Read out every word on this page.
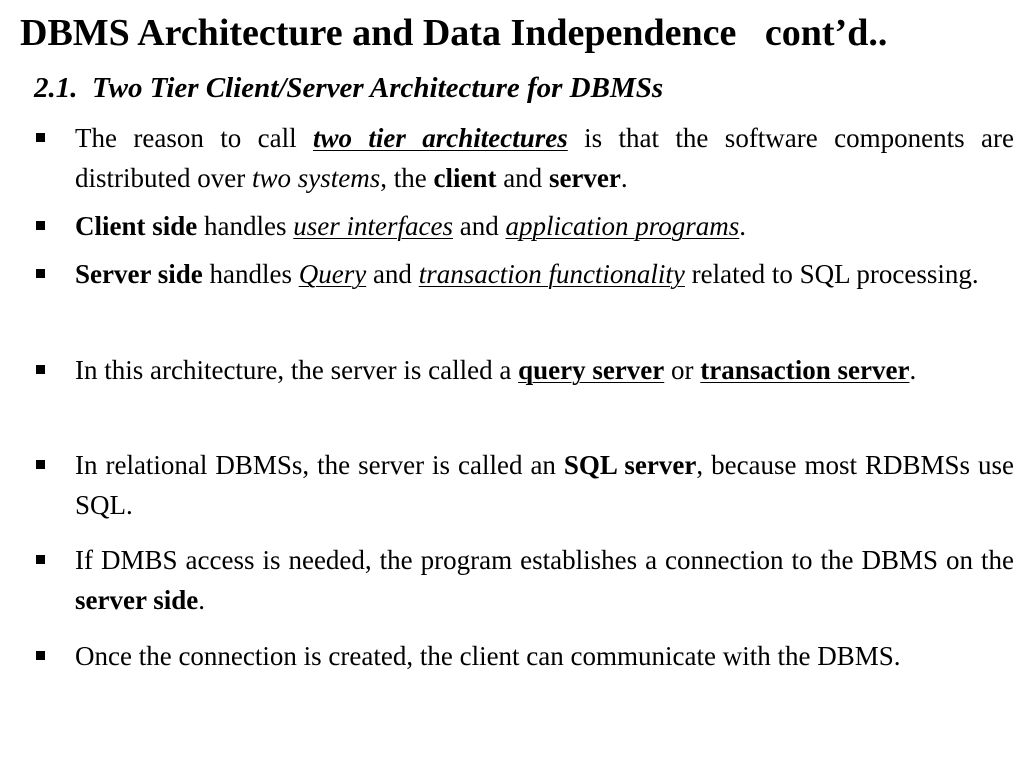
DBMS Architecture and Data Independence cont’d..
2.1.  Two Tier Client/Server Architecture for DBMSs

The reason to call two tier architectures is that the software components are distributed over two systems, the client and server.

Client side handles user interfaces and application programs.

Server side handles Query and transaction functionality related to SQL processing.

In this architecture, the server is called a query server or transaction server.

In relational DBMSs, the server is called an SQL server, because most RDBMSs use SQL.

If DMBS access is needed, the program establishes a connection to the DBMS on the server side.

Once the connection is created, the client can communicate with the DBMS.
